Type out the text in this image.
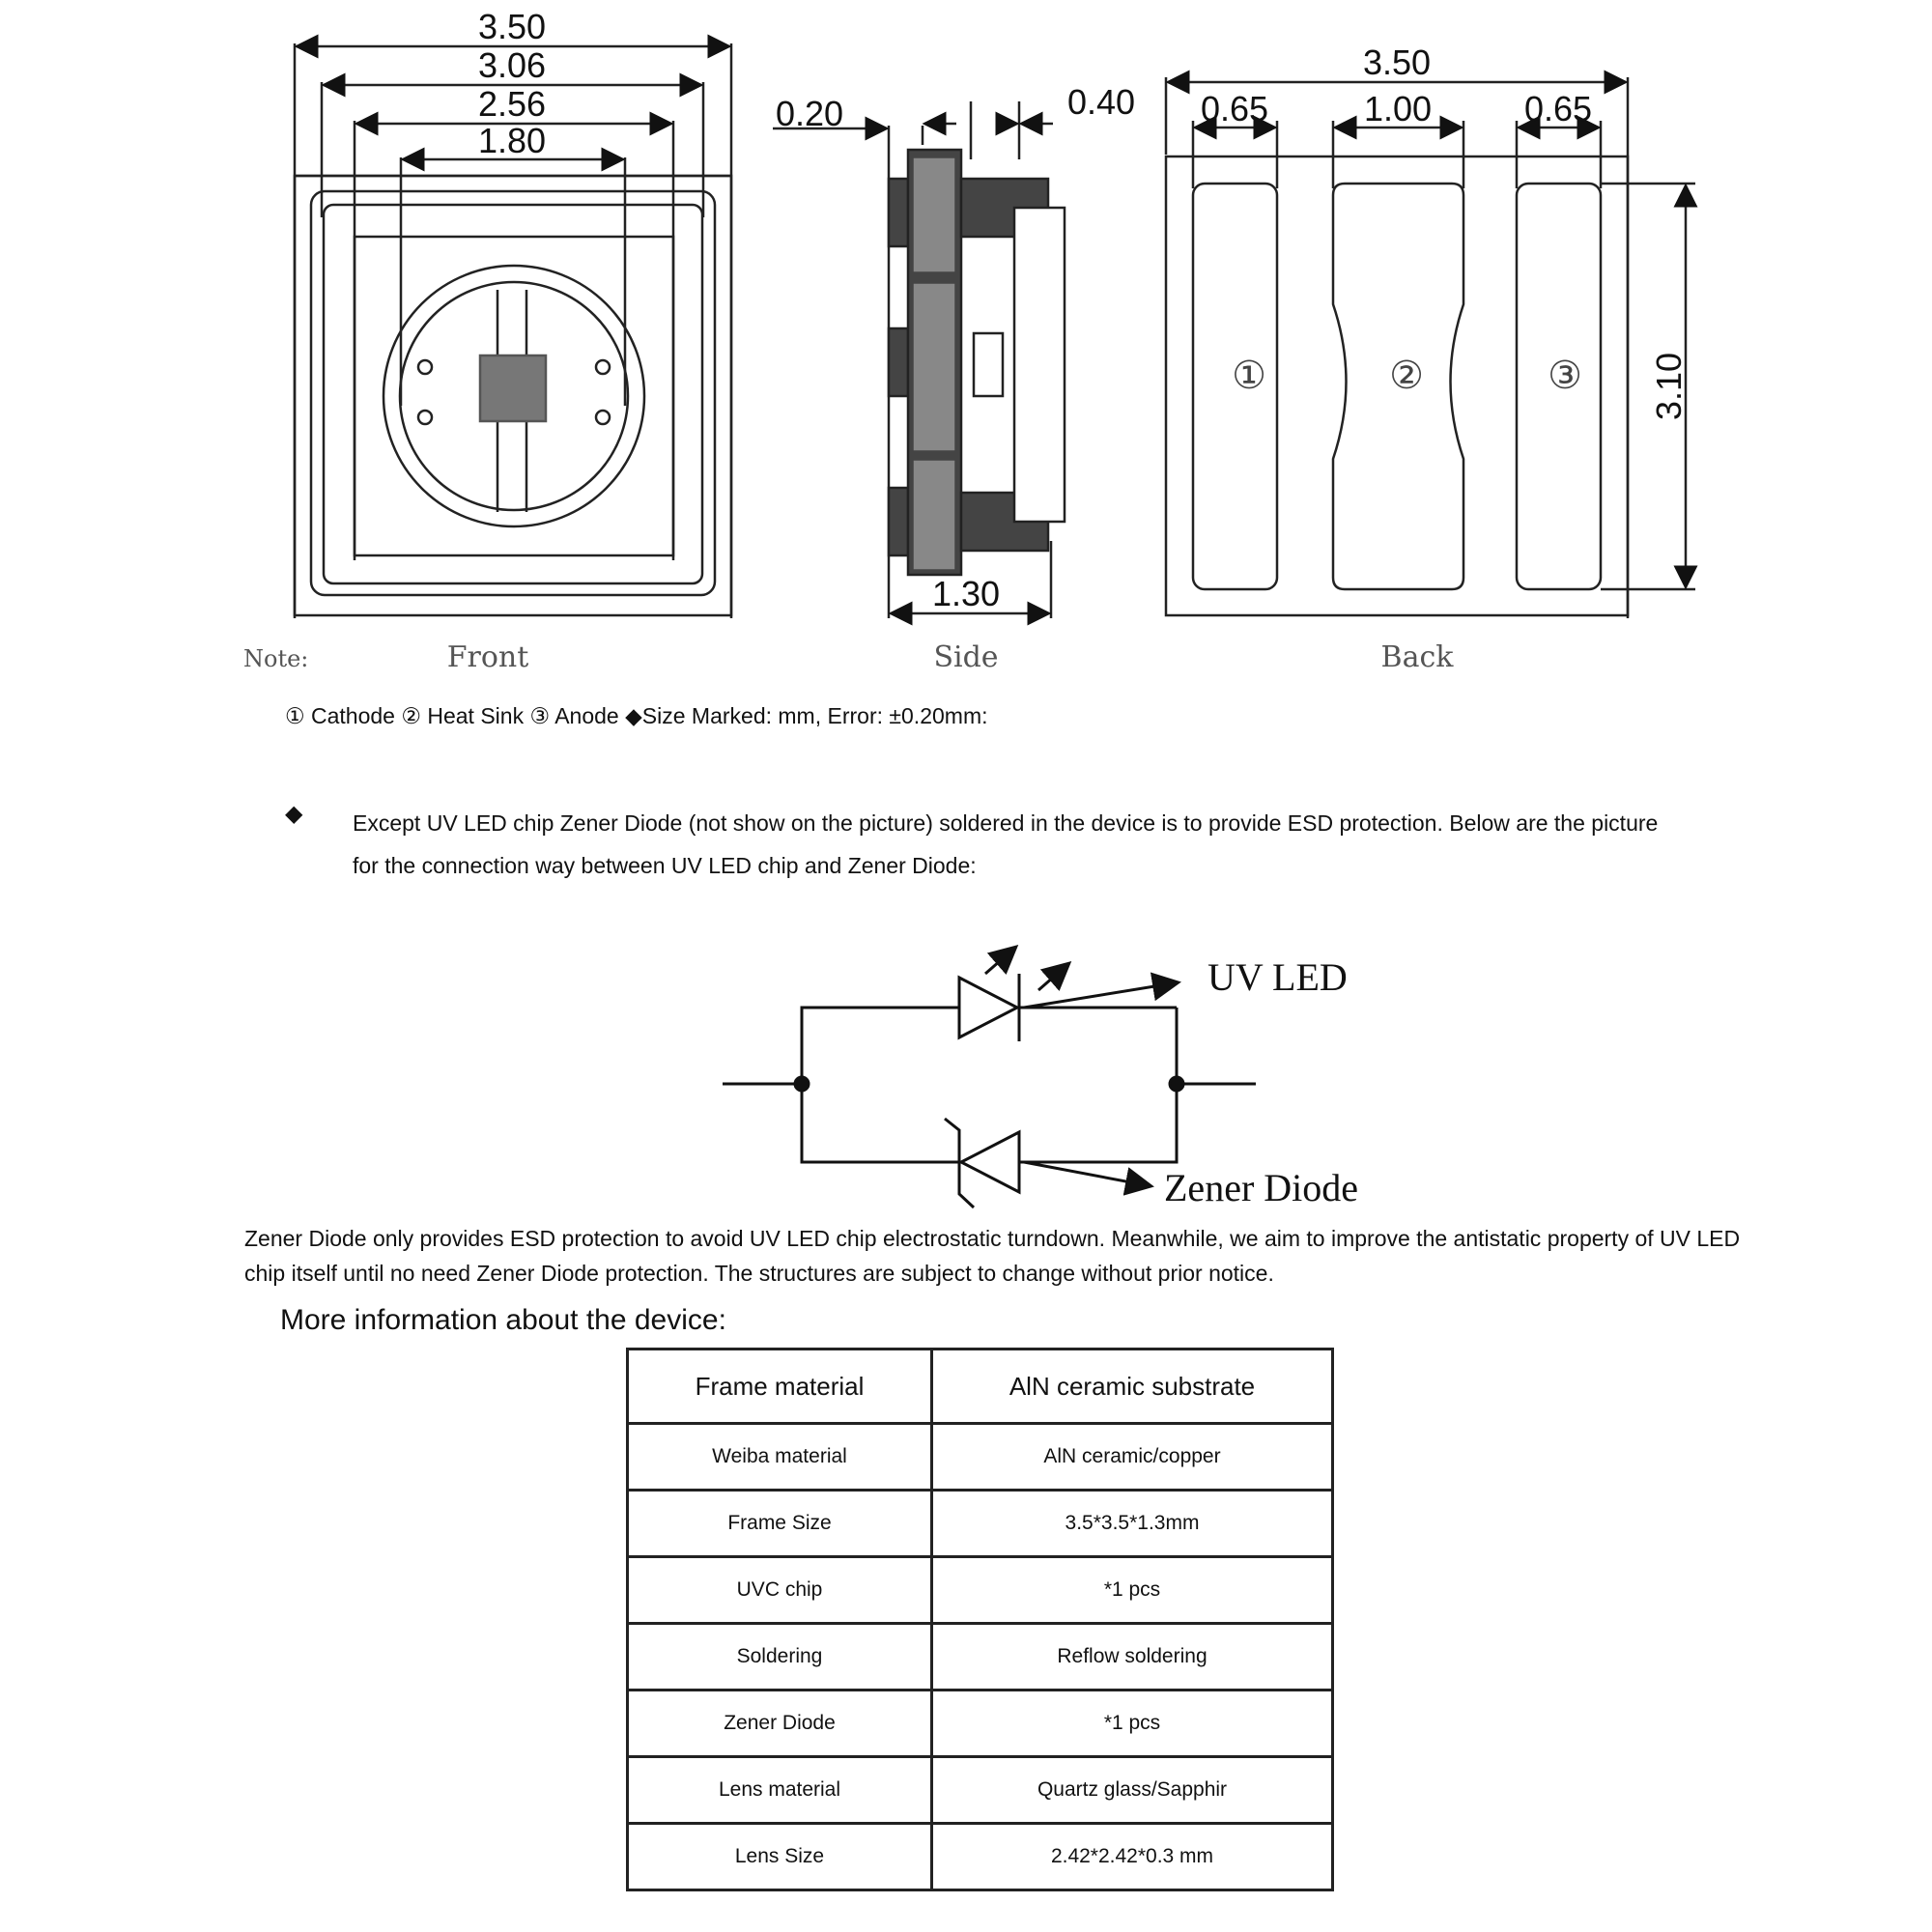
3.50
3.06
2.56
1.80
Front
Note:
0.20	0.40
1.30
Side
3.50
0.65	1.00	0.65
3.10
①	②	③
Back
UV LED
Zener Diode
① Cathode ② Heat Sink ③ Anode ◆Size Marked: mm, Error: ±0.20mm:
◆ Except UV LED chip Zener Diode (not show on the picture) soldered in the device is to provide ESD protection. Below are the picture for the connection way between UV LED chip and Zener Diode:
Zener Diode only provides ESD protection to avoid UV LED chip electrostatic turndown. Meanwhile, we aim to improve the antistatic property of UV LED chip itself until no need Zener Diode protection. The structures are subject to change without prior notice.
More information about the device:
Frame material	AlN ceramic substrate
Weiba material	AlN ceramic/copper
Frame Size	3.5*3.5*1.3mm
UVC chip	*1 pcs
Soldering	Reflow soldering
Zener Diode	*1 pcs
Lens material	Quartz glass/Sapphir
Lens Size	2.42*2.42*0.3 mm
